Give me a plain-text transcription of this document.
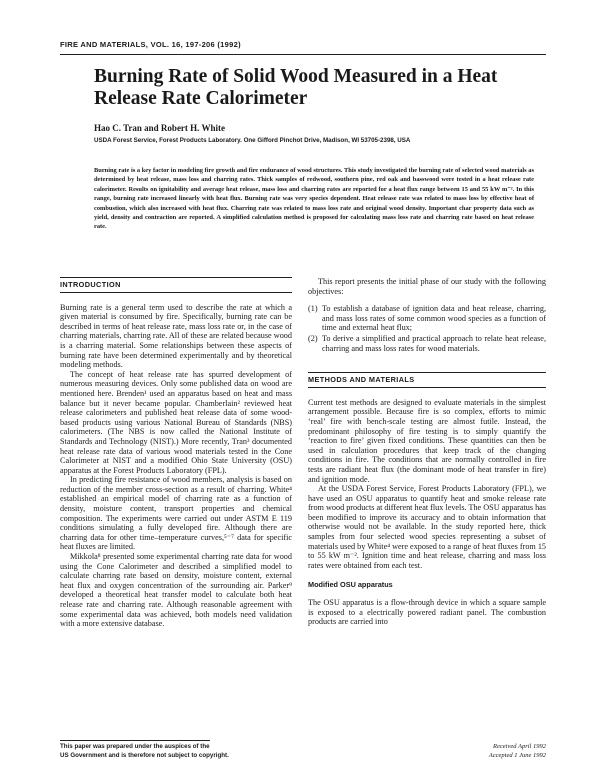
FIRE AND MATERIALS, VOL. 16, 197-206 (1992)
Burning Rate of Solid Wood Measured in a Heat Release Rate Calorimeter
Hao C. Tran and Robert H. White
USDA Forest Service, Forest Products Laboratory. One Gifford Pinchot Drive, Madison, WI 53705-2398, USA
Burning rate is a key factor in modeling fire growth and fire endurance of wood structures. This study investigated the burning rate of selected wood materials as determined by heat release, mass loss and charring rates. Thick samples of redwood, southern pine, red oak and basswood were tested in a heat release rate calorimeter. Results on ignitability and average heat release, mass loss and charring rates are reported for a heat flux range between 15 and 55 kW m⁻². In this range, burning rate increased linearly with heat flux. Burning rate was very species dependent. Heat release rate was related to mass loss by effective heat of combustion, which also increased with heat flux. Charring rate was related to mass loss rate and original wood density. Important char property data such as yield, density and contraction are reported. A simplified calculation method is proposed for calculating mass loss rate and charring rate based on heat release rate.
INTRODUCTION

Burning rate is a general term used to describe the rate at which a given material is consumed by fire. Specifically, burning rate can be described in terms of heat release rate, mass loss rate or, in the case of charring materials, charring rate. All of these are related because wood is a charring material. Some relationships between these aspects of burning rate have been determined experimentally and by theoretical modeling methods.

The concept of heat release rate has spurred development of numerous measuring devices. Only some published data on wood are mentioned here. Brenden¹ used an apparatus based on heat and mass balance but it never became popular. Chamberlain² reviewed heat release calorimeters and published heat release data of some wood-based products using various National Bureau of Standards (NBS) calorimeters. (The NBS is now called the National Institute of Standards and Technology (NIST).) More recently, Tran³ documented heat release rate data of various wood materials tested in the Cone Calorimeter at NIST and a modified Ohio State University (OSU) apparatus at the Forest Products Laboratory (FPL).

In predicting fire resistance of wood members, analysis is based on reduction of the member cross-section as a result of charring. White⁴ established an empirical model of charring rate as a function of density, moisture content, transport properties and chemical composition. The experiments were carried out under ASTM E 119 conditions simulating a fully developed fire. Although there are charring data for other time–temperature curves,⁵⁻⁷ data for specific heat fluxes are limited.

Mikkola⁸ presented some experimental charring rate data for wood using the Cone Calorimeter and described a simplified model to calculate charring rate based on density, moisture content, external heat flux and oxygen concentration of the surrounding air. Parker⁹ developed a theoretical heat transfer model to calculate both heat release rate and charring rate. Although reasonable agreement with some experimental data was achieved, both models need validation with a more extensive database.

This report presents the initial phase of our study with the following objectives:

(1) To establish a database of ignition data and heat release, charring, and mass loss rates of some common wood species as a function of time and external heat flux;
(2) To derive a simplified and practical approach to relate heat release, charring and mass loss rates for wood materials.
METHODS AND MATERIALS

Current test methods are designed to evaluate materials in the simplest arrangement possible. Because fire is so complex, efforts to mimic ‘real’ fire with bench-scale testing are almost futile. Instead, the predominant philosophy of fire testing is to simply quantify the ‘reaction to fire’ given fixed conditions. These quantities can then be used in calculation procedures that keep track of the changing conditions in fire. The conditions that are normally controlled in fire tests are radiant heat flux (the dominant mode of heat transfer in fire) and ignition mode.

At the USDA Forest Service, Forest Products Laboratory (FPL), we have used an OSU apparatus to quantify heat and smoke release rate from wood products at different heat flux levels. The OSU apparatus has been modified to improve its accuracy and to obtain information that otherwise would not be available. In the study reported here, thick samples from four selected wood species representing a subset of materials used by White⁴ were exposed to a range of heat fluxes from 15 to 55 kW m⁻². Ignition time and heat release, charring and mass loss rates were obtained from each test.

Modified OSU apparatus

The OSU apparatus is a flow-through device in which a square sample is exposed to a electrically powered radiant panel. The combustion products are carried into

This paper was prepared under the auspices of the
US Government and is therefore not subject to copyright.
Received April 1992
Accepted 1 June 1992
